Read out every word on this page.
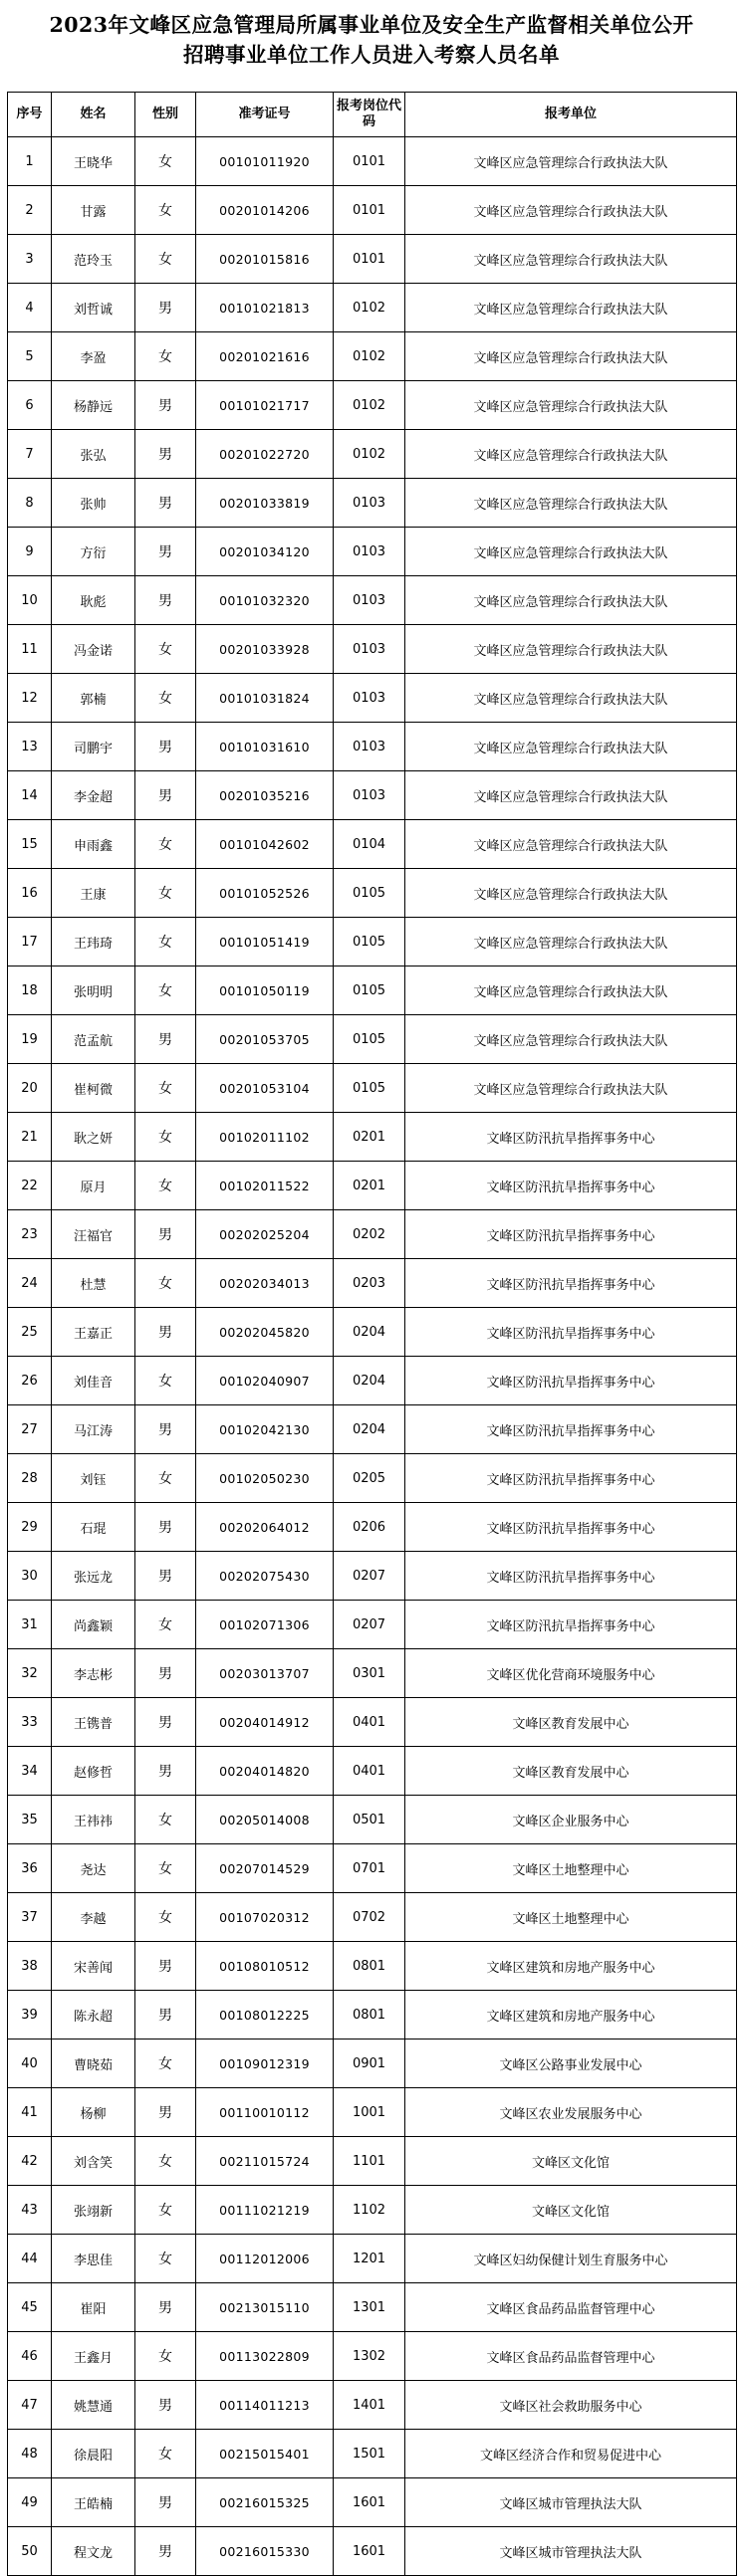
2023年文峰区应急管理局所属事业单位及安全生产监督相关单位公开
招聘事业单位工作人员进入考察人员名单
序号	姓名	性别	准考证号	报考岗位代码	报考单位
1	王晓华	女	00101011920	0101	文峰区应急管理综合行政执法大队
2	甘露	女	00201014206	0101	文峰区应急管理综合行政执法大队
3	范玲玉	女	00201015816	0101	文峰区应急管理综合行政执法大队
4	刘哲诚	男	00101021813	0102	文峰区应急管理综合行政执法大队
5	李盈	女	00201021616	0102	文峰区应急管理综合行政执法大队
6	杨静远	男	00101021717	0102	文峰区应急管理综合行政执法大队
7	张弘	男	00201022720	0102	文峰区应急管理综合行政执法大队
8	张帅	男	00201033819	0103	文峰区应急管理综合行政执法大队
9	方衍	男	00201034120	0103	文峰区应急管理综合行政执法大队
10	耿彪	男	00101032320	0103	文峰区应急管理综合行政执法大队
11	冯金诺	女	00201033928	0103	文峰区应急管理综合行政执法大队
12	郭楠	女	00101031824	0103	文峰区应急管理综合行政执法大队
13	司鹏宇	男	00101031610	0103	文峰区应急管理综合行政执法大队
14	李金超	男	00201035216	0103	文峰区应急管理综合行政执法大队
15	申雨鑫	女	00101042602	0104	文峰区应急管理综合行政执法大队
16	王康	女	00101052526	0105	文峰区应急管理综合行政执法大队
17	王玮琦	女	00101051419	0105	文峰区应急管理综合行政执法大队
18	张明明	女	00101050119	0105	文峰区应急管理综合行政执法大队
19	范孟航	男	00201053705	0105	文峰区应急管理综合行政执法大队
20	崔柯微	女	00201053104	0105	文峰区应急管理综合行政执法大队
21	耿之妍	女	00102011102	0201	文峰区防汛抗旱指挥事务中心
22	原月	女	00102011522	0201	文峰区防汛抗旱指挥事务中心
23	汪福官	男	00202025204	0202	文峰区防汛抗旱指挥事务中心
24	杜慧	女	00202034013	0203	文峰区防汛抗旱指挥事务中心
25	王嘉正	男	00202045820	0204	文峰区防汛抗旱指挥事务中心
26	刘佳音	女	00102040907	0204	文峰区防汛抗旱指挥事务中心
27	马江涛	男	00102042130	0204	文峰区防汛抗旱指挥事务中心
28	刘钰	女	00102050230	0205	文峰区防汛抗旱指挥事务中心
29	石琨	男	00202064012	0206	文峰区防汛抗旱指挥事务中心
30	张远龙	男	00202075430	0207	文峰区防汛抗旱指挥事务中心
31	尚鑫颖	女	00102071306	0207	文峰区防汛抗旱指挥事务中心
32	李志彬	男	00203013707	0301	文峰区优化营商环境服务中心
33	王镌普	男	00204014912	0401	文峰区教育发展中心
34	赵修哲	男	00204014820	0401	文峰区教育发展中心
35	王祎祎	女	00205014008	0501	文峰区企业服务中心
36	尧达	女	00207014529	0701	文峰区土地整理中心
37	李越	女	00107020312	0702	文峰区土地整理中心
38	宋善闻	男	00108010512	0801	文峰区建筑和房地产服务中心
39	陈永超	男	00108012225	0801	文峰区建筑和房地产服务中心
40	曹晓茹	女	00109012319	0901	文峰区公路事业发展中心
41	杨柳	男	00110010112	1001	文峰区农业发展服务中心
42	刘含笑	女	00211015724	1101	文峰区文化馆
43	张翊新	女	00111021219	1102	文峰区文化馆
44	李思佳	女	00112012006	1201	文峰区妇幼保健计划生育服务中心
45	崔阳	男	00213015110	1301	文峰区食品药品监督管理中心
46	王鑫月	女	00113022809	1302	文峰区食品药品监督管理中心
47	姚慧通	男	00114011213	1401	文峰区社会救助服务中心
48	徐晨阳	女	00215015401	1501	文峰区经济合作和贸易促进中心
49	王皓楠	男	00216015325	1601	文峰区城市管理执法大队
50	程文龙	男	00216015330	1601	文峰区城市管理执法大队
